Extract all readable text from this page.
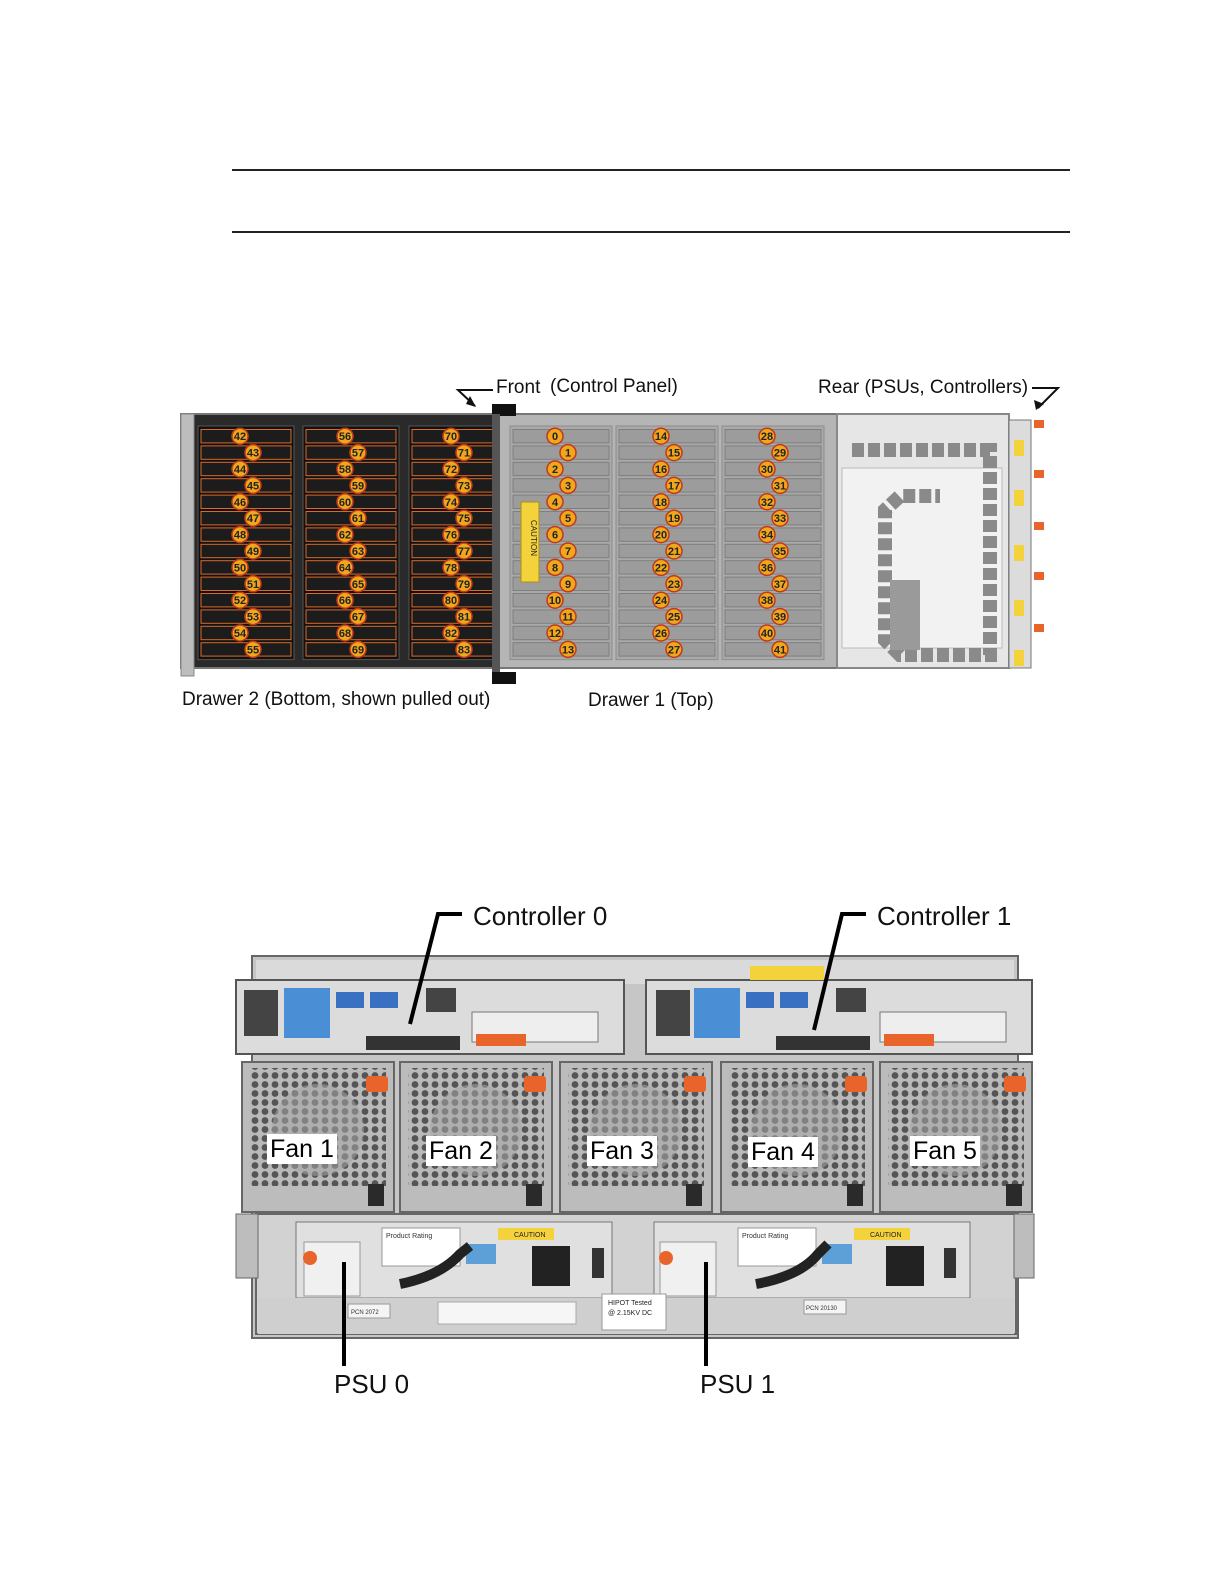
42
43
44
45
46
47
48
49
50
51
52
53
54
55
56
57
58
59
60
61
62
63
64
65
66
67
68
69
70
71
72
73
74
75
76
77
78
79
80
81
82
83
0
1
2
3
4
5
6
7
8
9
10
11
12
13
14
15
16
17
18
19
20
21
22
23
24
25
26
27
28
29
30
31
32
33
34
35
36
37
38
39
40
41
CAUTION
Front (Control Panel)	Rear (PSUs, Controllers)
Drawer 2 (Bottom, shown pulled out)	Drawer 1 (Top)
Product Rating	CAUTION	Product Rating	CAUTION
PCN 2072
HIPOT Tested
@ 2.15KV DC
PCN 20130
Controller 0	Controller 1
PSU 0	PSU 1
Fan 1	Fan 2	Fan 3	Fan 4	Fan 5
